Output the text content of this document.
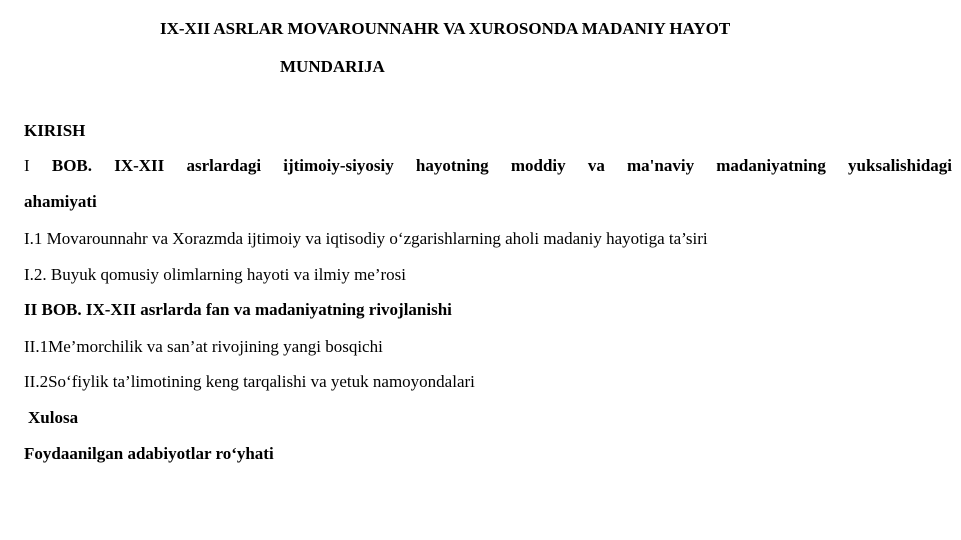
IX-XII ASRLAR MOVAROUNNAHR VA XUROSONDA MADANIY HAYOT
MUNDARIJA
KIRISH
I BOB. IX-XII asrlardagi ijtimoiy-siyosiy hayotning moddiy va ma'naviy madaniyatning yuksalishidagi
ahamiyati
I.1 Movarounnahr va Xorazmda ijtimoiy va iqtisodiy o‘zgarishlarning aholi madaniy hayotiga ta’siri
I.2. Buyuk qomusiy olimlarning hayoti va ilmiy me’rosi
II BOB. IX-XII asrlarda fan va madaniyatning rivojlanishi
II.1Me’morchilik va san’at rivojining yangi bosqichi
II.2So‘fiylik ta’limotining keng tarqalishi va yetuk namoyondalari
Xulosa
Foydaanilgan adabiyotlar ro‘yhati
